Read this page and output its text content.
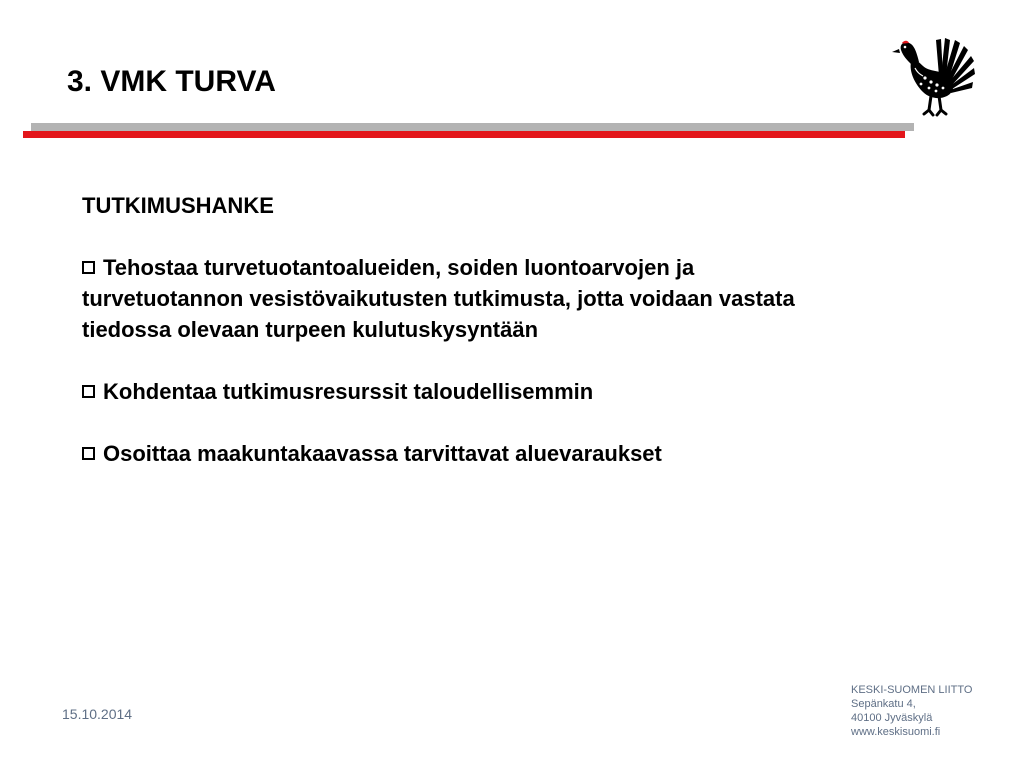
3. VMK TURVA
TUTKIMUSHANKE

Tehostaa turvetuotantoalueiden, soiden luontoarvojen ja turvetuotannon vesistövaikutusten tutkimusta, jotta voidaan vastata tiedossa olevaan turpeen kulutuskysyntään

Kohdentaa tutkimusresurssit taloudellisemmin

Osoittaa maakuntakaavassa tarvittavat aluevaraukset

15.10.2014
KESKI-SUOMEN LIITTO
Sepänkatu 4,
40100 Jyväskylä
www.keskisuomi.fi
